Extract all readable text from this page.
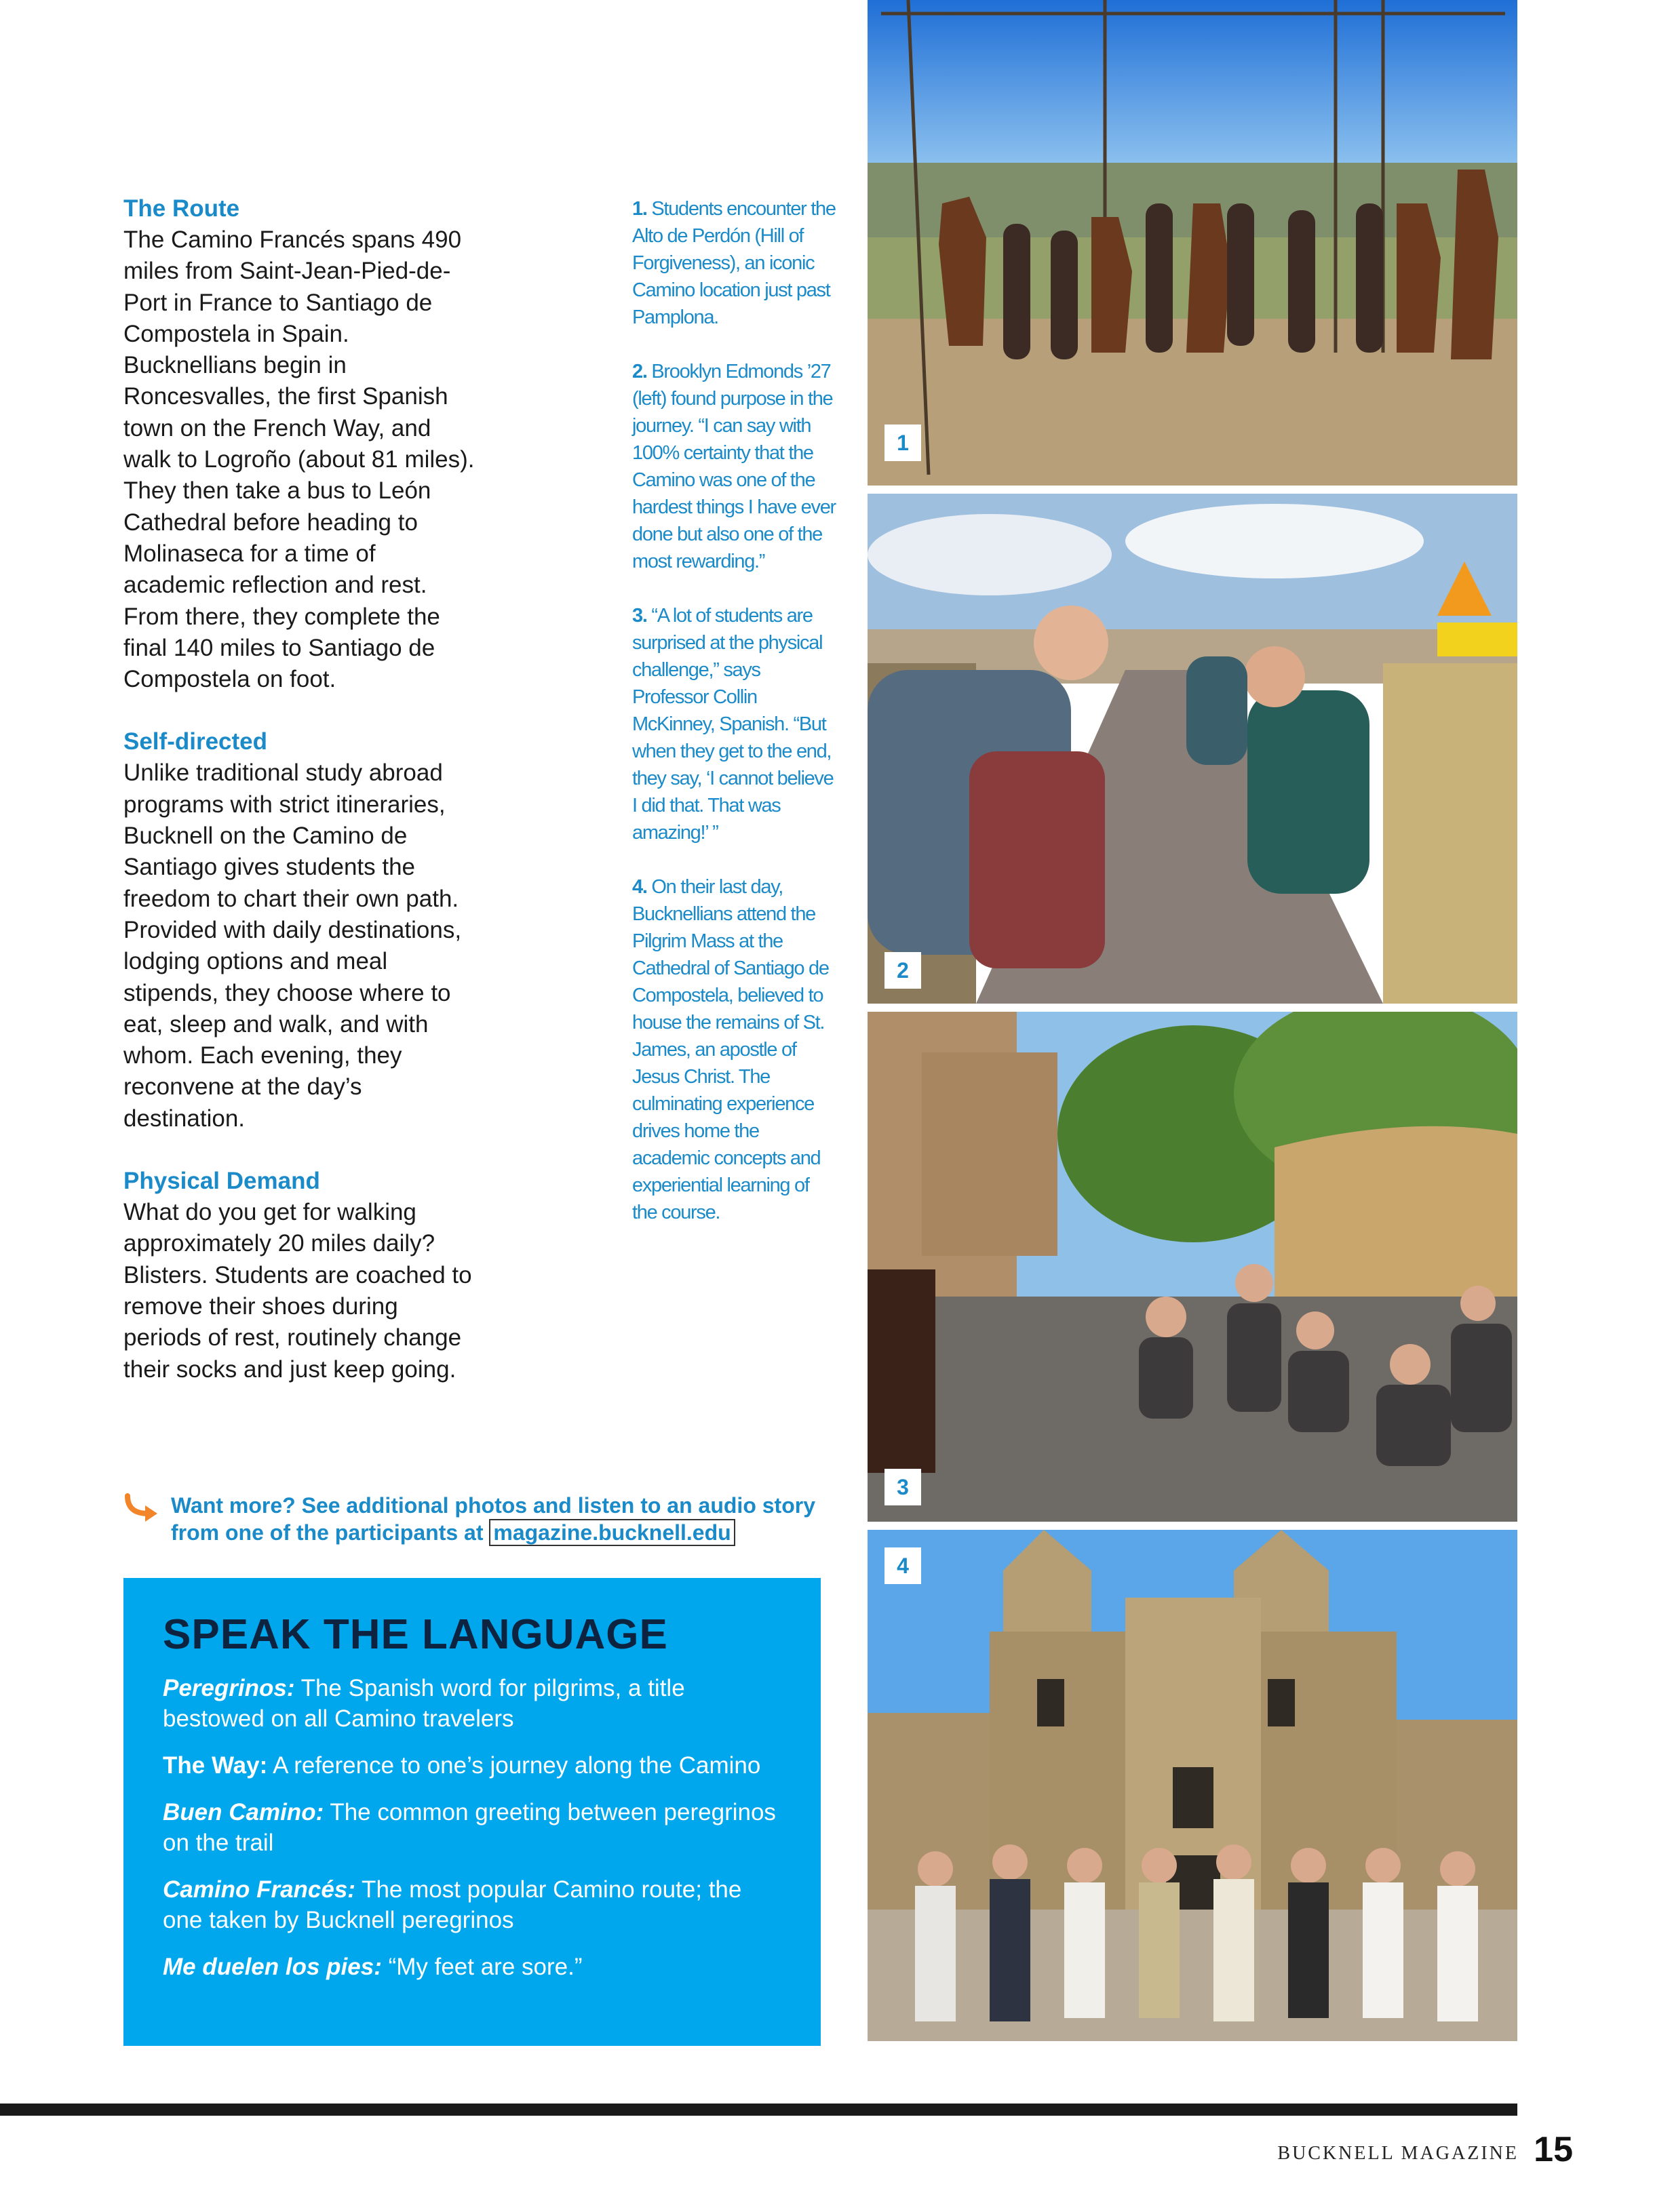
The Route

The Camino Francés spans 490 miles from Saint-Jean-Pied-de-Port in France to Santiago de Compostela in Spain. Bucknellians begin in Roncesvalles, the first Spanish town on the French Way, and walk to Logroño (about 81 miles). They then take a bus to León Cathedral before heading to Molinaseca for a time of academic reflection and rest. From there, they complete the final 140 miles to Santiago de Compostela on foot.

Self-directed

Unlike traditional study abroad programs with strict itineraries, Bucknell on the Camino de Santiago gives students the freedom to chart their own path. Provided with daily destinations, lodging options and meal stipends, they choose where to eat, sleep and walk, and with whom. Each evening, they reconvene at the day’s destination.

Physical Demand

What do you get for walking approximately 20 miles daily? Blisters. Students are coached to remove their shoes during periods of rest, routinely change their socks and just keep going.

1. Students encounter the Alto de Perdón (Hill of Forgiveness), an iconic Camino location just past Pamplona.

2. Brooklyn Edmonds ’27 (left) found purpose in the journey. “I can say with 100% certainty that the Camino was one of the hardest things I have ever done but also one of the most rewarding.”

3. “A lot of students are surprised at the physical challenge,” says Professor Collin McKinney, Spanish. “But when they get to the end, they say, ‘I cannot believe I did that. That was amazing!’ ”

4. On their last day, Bucknellians attend the Pilgrim Mass at the Cathedral of Santiago de Compostela, believed to house the remains of St. James, an apostle of Jesus Christ. The culminating experience drives home the academic concepts and experiential learning of the course.

1
2
3
4
Want more? See additional photos and listen to an audio story from one of the participants at magazine.bucknell.edu
SPEAK THE LANGUAGE

Peregrinos: The Spanish word for pilgrims, a title bestowed on all Camino travelers

The Way: A reference to one’s journey along the Camino

Buen Camino: The common greeting between peregrinos on the trail

Camino Francés: The most popular Camino route; the one taken by Bucknell peregrinos

Me duelen los pies: “My feet are sore.”

BUCKNELL MAGAZINE 15
